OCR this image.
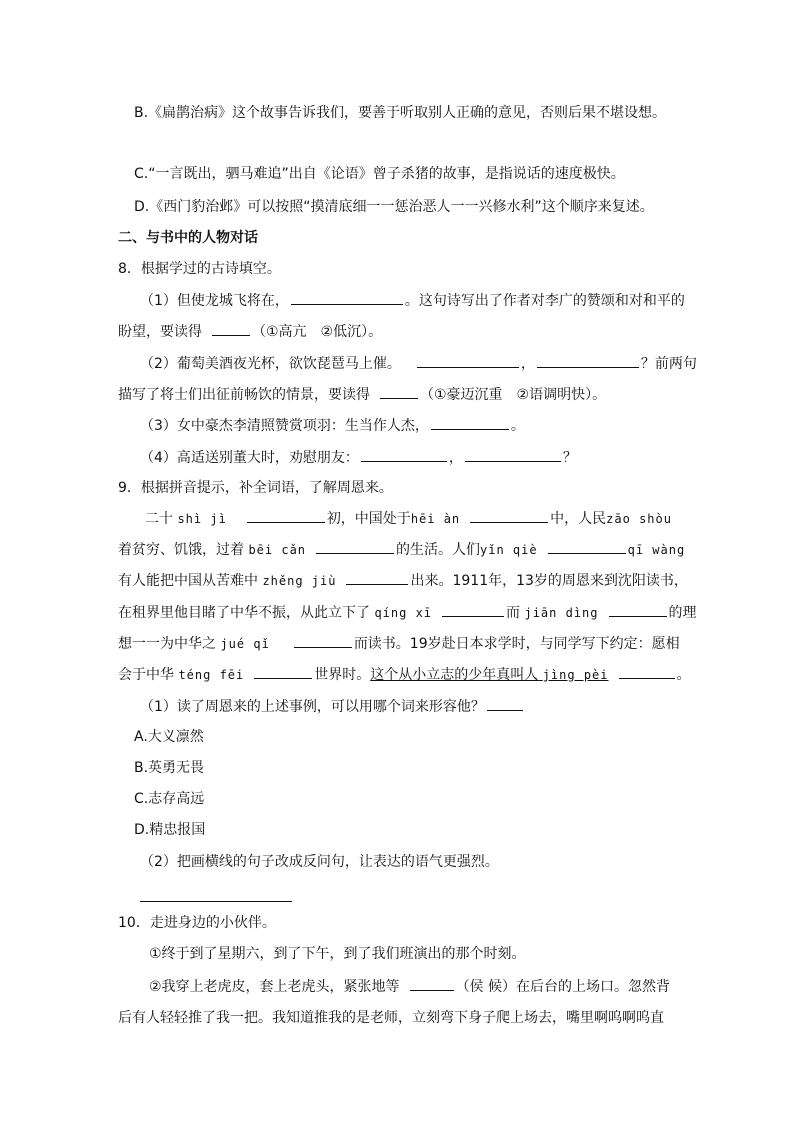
B.《扁鹊治病》这个故事告诉我们，要善于听取别人正确的意见，否则后果不堪设想。
C.“一言既出，驷马难追”出自《论语》曾子杀猪的故事，是指说话的速度极快。
D.《西门豹治邺》可以按照“摸清底细一一惩治恶人一一兴修水利”这个顺序来复述。
二、与书中的人物对话
8．根据学过的古诗填空。
（1）但使龙城飞将在，	。这句诗写出了作者对李广的赞颂和对和平的
盼望，要读得	（①高亢　②低沉）。
（2）葡萄美酒夜光杯，欲饮琵琶马上催。	，	？前两句
描写了将士们出征前畅饮的情景，要读得	（①豪迈沉重　②语调明快）。
（3）女中豪杰李清照赞赏项羽：生当作人杰，	。
（4）高适送别董大时，劝慰朋友：	，	？
9．根据拼音提示，补全词语，了解周恩来。
二十 shì jì	初，中国处于hēi àn	中，人民zāo shòu
着贫穷、饥饿，过着 bēi cǎn	的生活。人们yǐn qiè	qī wàng
有人能把中国从苦难中 zhěng jiù	出来。1911年，13岁的周恩来到沈阳读书，
在租界里他目睹了中华不振，从此立下了 qíng xī	而 jiān dìng	的理
想一一为中华之 jué qǐ	而读书。19岁赴日本求学时，与同学写下约定：愿相
会于中华 téng fēi	世界时。这个从小立志的少年真叫人 jìng pèi	。
（1）读了周恩来的上述事例，可以用哪个词来形容他？
A.大义凛然
B.英勇无畏
C.志存高远
D.精忠报国
（2）把画横线的句子改成反问句，让表达的语气更强烈。
10．走进身边的小伙伴。
①终于到了星期六，到了下午，到了我们班演出的那个时刻。
②我穿上老虎皮，套上老虎头，紧张地等	（侯 候）在后台的上场口。忽然背
后有人轻轻推了我一把。我知道推我的是老师，立刻弯下身子爬上场去，嘴里啊呜啊呜直
